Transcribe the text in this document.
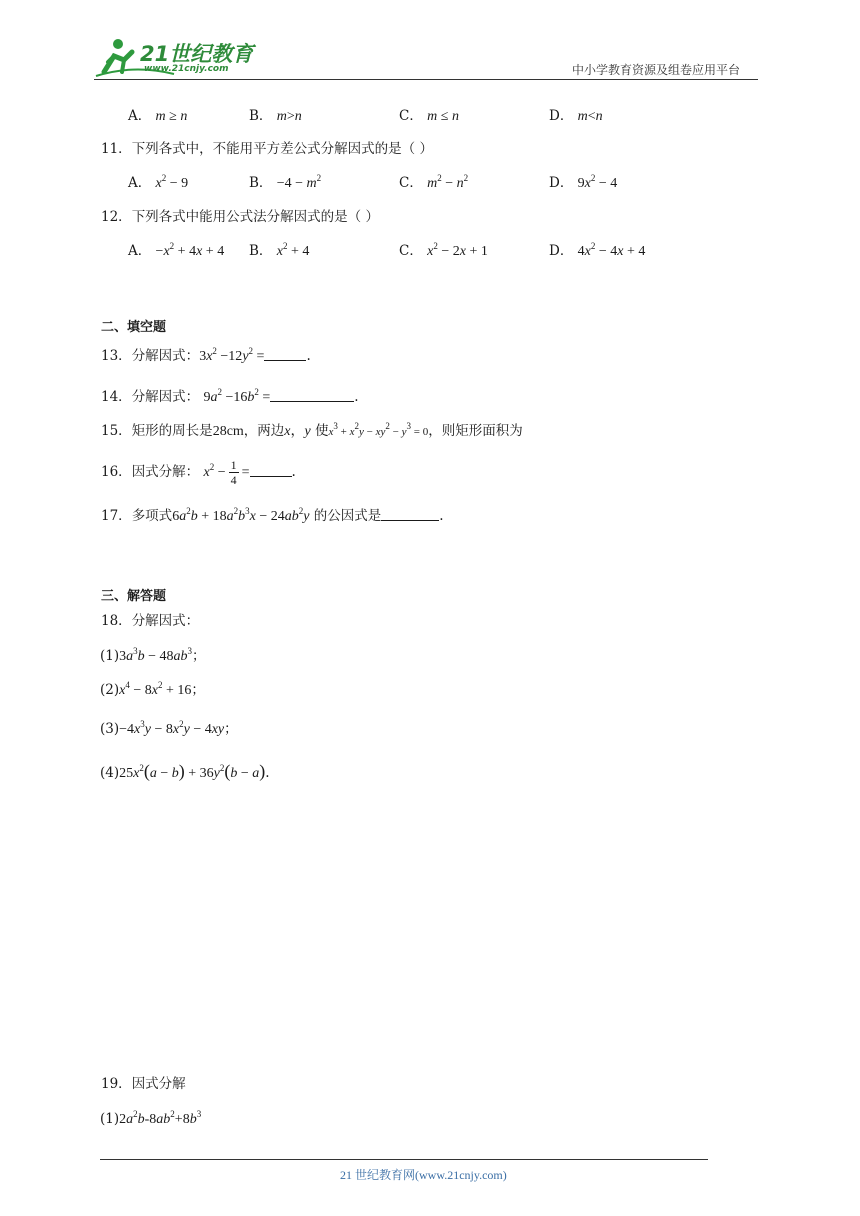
21世纪教育
www.21cnjy.com	中小学教育资源及组卷应用平台
A． m ≥ n	B． m>n	C． m ≤ n	D． m<n
11．下列各式中，不能用平方差公式分解因式的是（ ）
A． $x^2 - 9$	B． $-4 - m^2$	C． $m^2 - n^2$	D． $9x^2 - 4$
12．下列各式中能用公式法分解因式的是（ ）
A． $-x^2 + 4x + 4$ B． $x^2 + 4$	C． $x^2 - 2x + 1$	D． $4x^2 - 4x + 4$
二、填空题
13．分解因式：$3x^2 -12y^2$ =	.
14．分解因式： $9a^2 -16b^2$ =	.
15．矩形的周长是28cm，两边x，y 使$x^3 + x^2y - xy^2 - y^3 = 0$，则矩形面积为
16．因式分解： $x^2 - \frac{1}{4}$ =	.
17．多项式$6a^2b + 18a^2b^3x - 24ab^2y$ 的公因式是	.
三、解答题
18．分解因式：
$(1)3a^3b - 48ab^3$；
$(2)x^4 - 8x^2 + 16$；
$(3)-4x^3y - 8x^2y - 4xy$；
$(4)25x^2(a - b) + 36y^2(b - a)$.
19．因式分解
$(1)2a^2b-8ab^2+8b^3$
21 世纪教育网(www.21cnjy.com)
